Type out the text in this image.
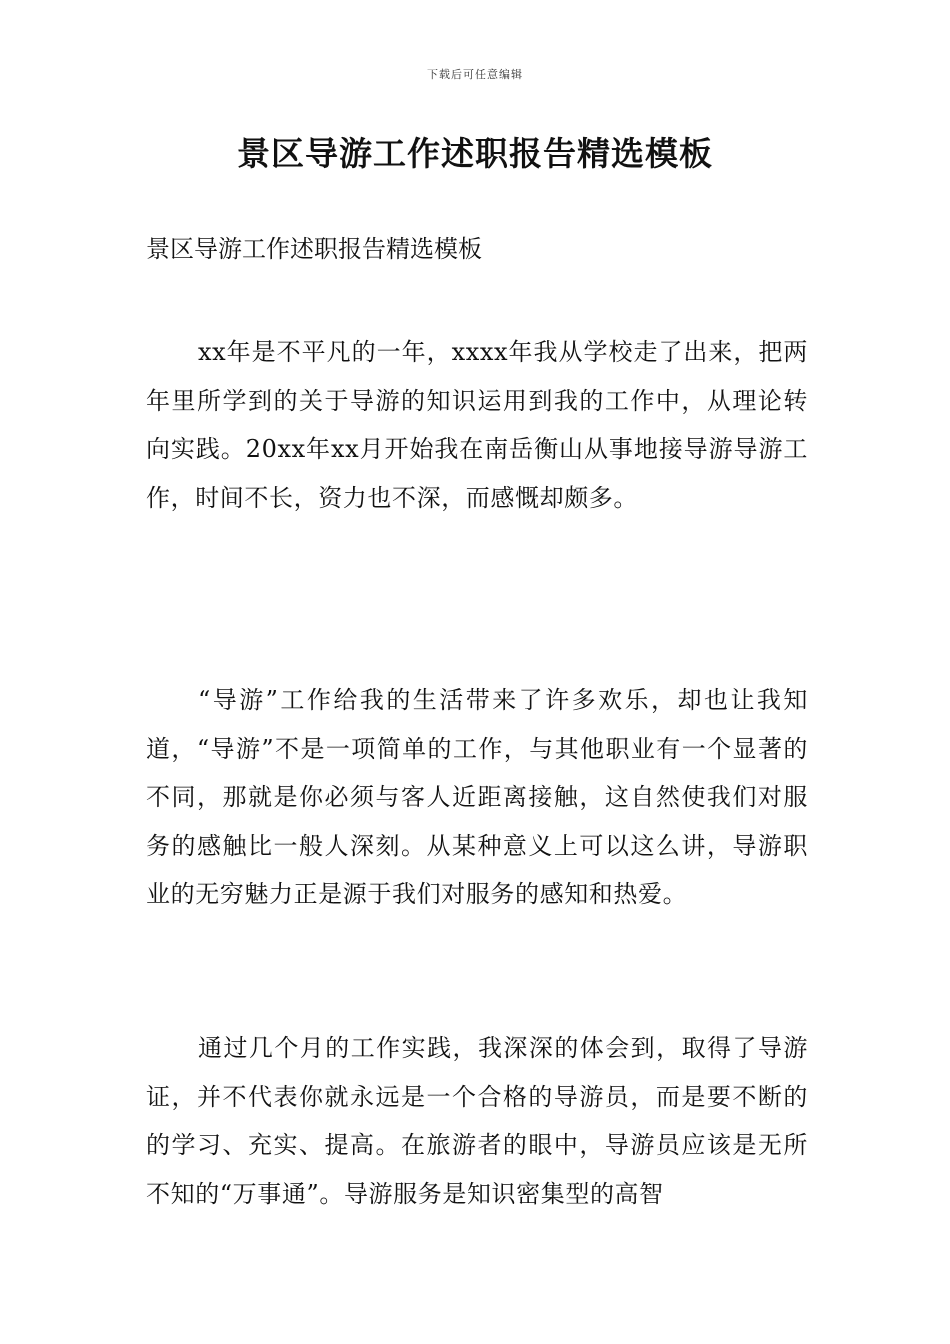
下载后可任意编辑
景区导游工作述职报告精选模板

景区导游工作述职报告精选模板

xx年是不平凡的一年，xxxx年我从学校走了出来，把两年里所学到的关于导游的知识运用到我的工作中，从理论转向实践。20xx年xx月开始我在南岳衡山从事地接导游导游工作，时间不长，资力也不深，而感慨却颇多。

“导游”工作给我的生活带来了许多欢乐，却也让我知道，“导游”不是一项简单的工作，与其他职业有一个显著的不同，那就是你必须与客人近距离接触，这自然使我们对服务的感触比一般人深刻。从某种意义上可以这么讲，导游职业的无穷魅力正是源于我们对服务的感知和热爱。

通过几个月的工作实践，我深深的体会到，取得了导游证，并不代表你就永远是一个合格的导游员，而是要不断的的学习、充实、提高。在旅游者的眼中，导游员应该是无所不知的“万事通”。导游服务是知识密集型的高智
